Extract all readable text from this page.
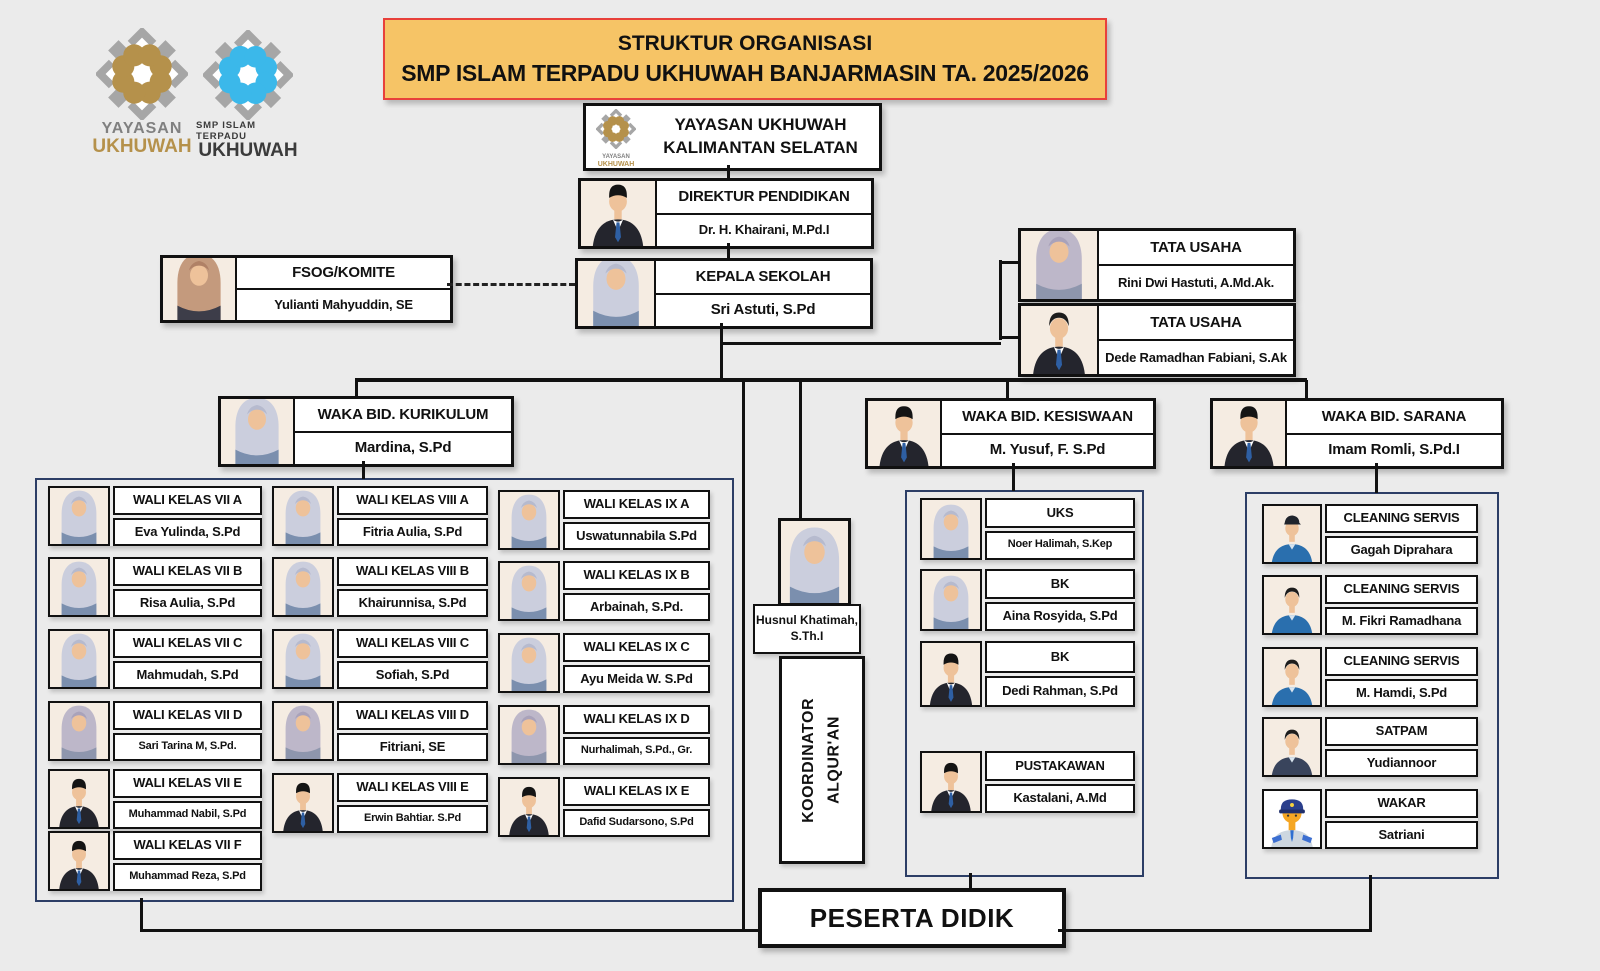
YAYASAN
UKHUWAH
SMP ISLAM TERPADU
UKHUWAH
STRUKTUR ORGANISASI
SMP ISLAM TERPADU UKHUWAH BANJARMASIN TA. 2025/2026
YAYASAN
UKHUWAH
YAYASAN UKHUWAH
KALIMANTAN SELATAN
Husnul Khatimah, S.Th.I
KOORDINATOR ALQUR'AN
PESERTA DIDIK
DIREKTUR PENDIDIKAN
Dr. H. Khairani, M.Pd.I
KEPALA SEKOLAH
Sri Astuti, S.Pd
FSOG/KOMITE
Yulianti Mahyuddin, SE
TATA USAHA
Rini Dwi Hastuti, A.Md.Ak.
TATA USAHA
Dede Ramadhan Fabiani, S.Ak
WAKA BID. KURIKULUM
Mardina, S.Pd
WAKA BID. KESISWAAN
M. Yusuf, F. S.Pd
WAKA BID. SARANA
Imam Romli, S.Pd.I
WALI KELAS VII A
Eva Yulinda, S.Pd
WALI KELAS VII B
Risa Aulia, S.Pd
WALI KELAS VII C
Mahmudah, S.Pd
WALI KELAS VII D
Sari Tarina M, S.Pd.
WALI KELAS VII E
Muhammad Nabil, S.Pd
WALI KELAS VII F
Muhammad Reza, S.Pd
WALI KELAS VIII A
Fitria Aulia, S.Pd
WALI KELAS VIII B
Khairunnisa, S.Pd
WALI KELAS VIII C
Sofiah, S.Pd
WALI KELAS VIII D
Fitriani, SE
WALI KELAS VIII E
Erwin Bahtiar. S.Pd
WALI KELAS IX A
Uswatunnabila S.Pd
WALI KELAS IX B
Arbainah, S.Pd.
WALI KELAS IX C
Ayu Meida W. S.Pd
WALI KELAS IX D
Nurhalimah, S.Pd., Gr.
WALI KELAS IX E
Dafid Sudarsono, S.Pd
UKS
Noer Halimah, S.Kep
BK
Aina Rosyida, S.Pd
BK
Dedi Rahman, S.Pd
PUSTAKAWAN
Kastalani, A.Md
CLEANING SERVIS
Gagah Diprahara
CLEANING SERVIS
M. Fikri Ramadhana
CLEANING SERVIS
M. Hamdi, S.Pd
SATPAM
Yudiannoor
WAKAR
Satriani
